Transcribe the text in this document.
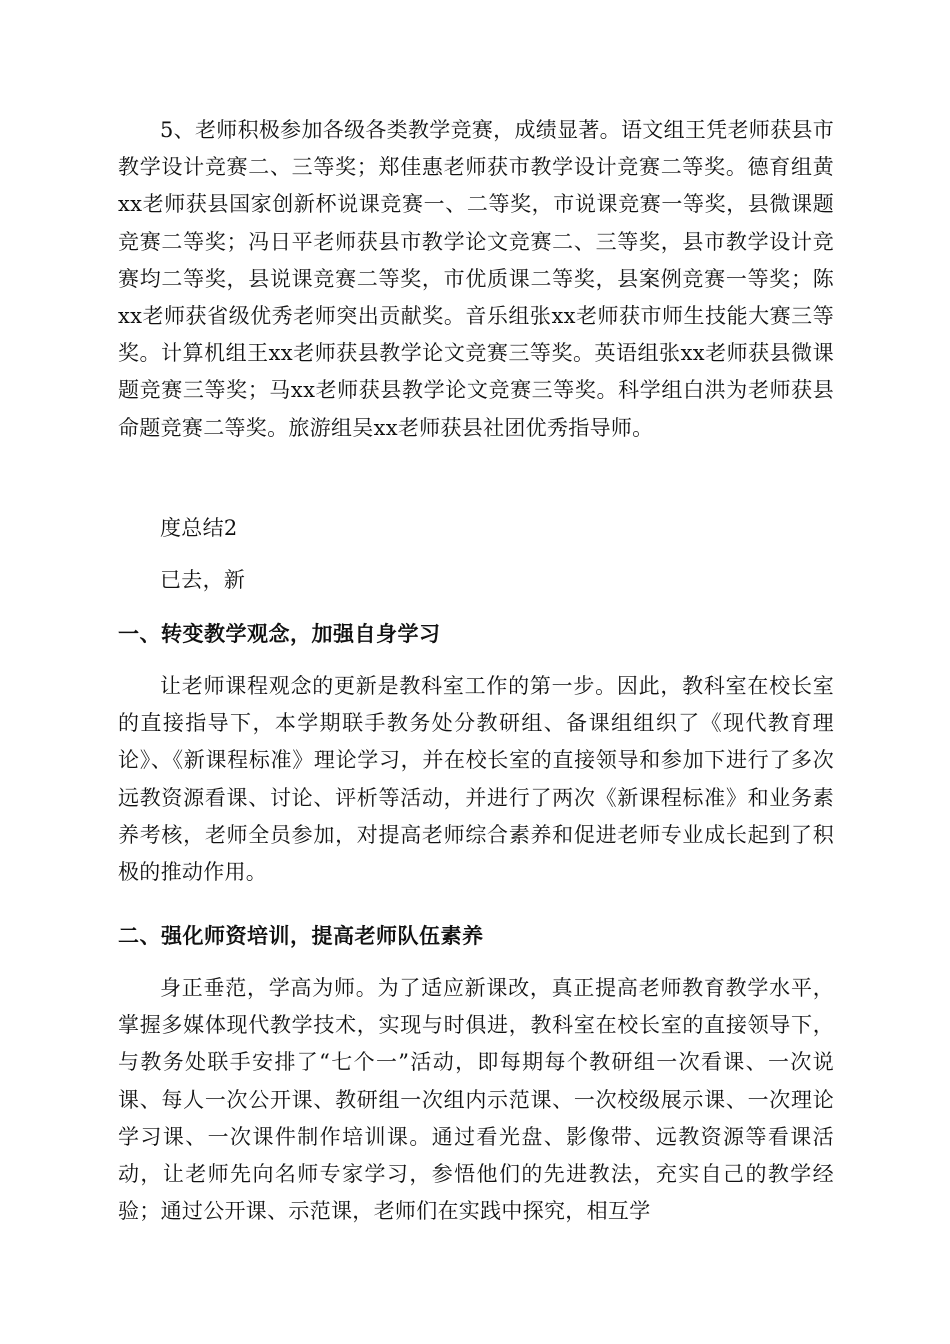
5、老师积极参加各级各类教学竞赛，成绩显著。语文组王凭老师获县市教学设计竞赛二、三等奖；郑佳惠老师获市教学设计竞赛二等奖。德育组黄xx老师获县国家创新杯说课竞赛一、二等奖，市说课竞赛一等奖，县微课题竞赛二等奖；冯日平老师获县市教学论文竞赛二、三等奖，县市教学设计竞赛均二等奖，县说课竞赛二等奖，市优质课二等奖，县案例竞赛一等奖；陈xx老师获省级优秀老师突出贡献奖。音乐组张xx老师获市师生技能大赛三等奖。计算机组王xx老师获县教学论文竞赛三等奖。英语组张xx老师获县微课题竞赛三等奖；马xx老师获县教学论文竞赛三等奖。科学组白洪为老师获县命题竞赛二等奖。旅游组吴xx老师获县社团优秀指导师。

度总结2

已去，新

一、转变教学观念，加强自身学习

让老师课程观念的更新是教科室工作的第一步。因此，教科室在校长室的直接指导下，本学期联手教务处分教研组、备课组组织了《现代教育理论》、《新课程标准》理论学习，并在校长室的直接领导和参加下进行了多次远教资源看课、讨论、评析等活动，并进行了两次《新课程标准》和业务素养考核，老师全员参加，对提高老师综合素养和促进老师专业成长起到了积极的推动作用。

二、强化师资培训，提高老师队伍素养

身正垂范，学高为师。为了适应新课改，真正提高老师教育教学水平，掌握多媒体现代教学技术，实现与时俱进，教科室在校长室的直接领导下，与教务处联手安排了“七个一”活动，即每期每个教研组一次看课、一次说课、每人一次公开课、教研组一次组内示范课、一次校级展示课、一次理论学习课、一次课件制作培训课。通过看光盘、影像带、远教资源等看课活动，让老师先向名师专家学习，参悟他们的先进教法，充实自己的教学经验；通过公开课、示范课，老师们在实践中探究，相互学
